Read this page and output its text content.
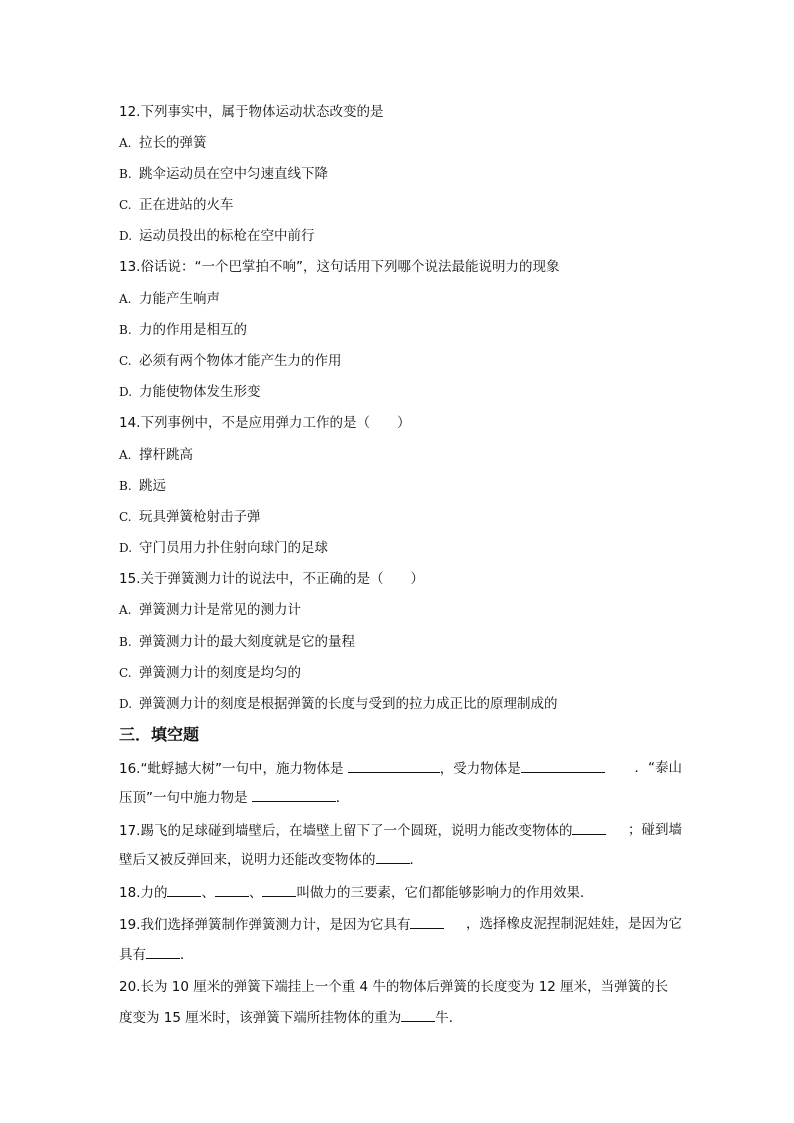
12.下列事实中，属于物体运动状态改变的是
A. 拉长的弹簧
B. 跳伞运动员在空中匀速直线下降
C. 正在进站的火车
D. 运动员投出的标枪在空中前行
13.俗话说：“一个巴掌拍不响”，这句话用下列哪个说法最能说明力的现象
A. 力能产生响声
B. 力的作用是相互的
C. 必须有两个物体才能产生力的作用
D. 力能使物体发生形变
14.下列事例中，不是应用弹力工作的是（　　）
A. 撑杆跳高
B. 跳远
C. 玩具弹簧枪射击子弹
D. 守门员用力扑住射向球门的足球
15.关于弹簧测力计的说法中，不正确的是（　　）
A. 弹簧测力计是常见的测力计
B. 弹簧测力计的最大刻度就是它的量程
C. 弹簧测力计的刻度是均匀的
D. 弹簧测力计的刻度是根据弹簧的长度与受到的拉力成正比的原理制成的
三．填空题
16.“蚍蜉撼大树”一句中，施力物体是	，受力物体是	．“泰山
压顶”一句中施力物是	．
17.踢飞的足球碰到墙壁后，在墙壁上留下了一个圆斑，说明力能改变物体的	；碰到墙
壁后又被反弹回来，说明力还能改变物体的	．
18.力的	、	、	叫做力的三要素，它们都能够影响力的作用效果．
19.我们选择弹簧制作弹簧测力计，是因为它具有	，选择橡皮泥捏制泥娃娃，是因为它
具有	．
20.长为 10 厘米的弹簧下端挂上一个重 4 牛的物体后弹簧的长度变为 12 厘米，当弹簧的长
度变为 15 厘米时，该弹簧下端所挂物体的重为	牛．
